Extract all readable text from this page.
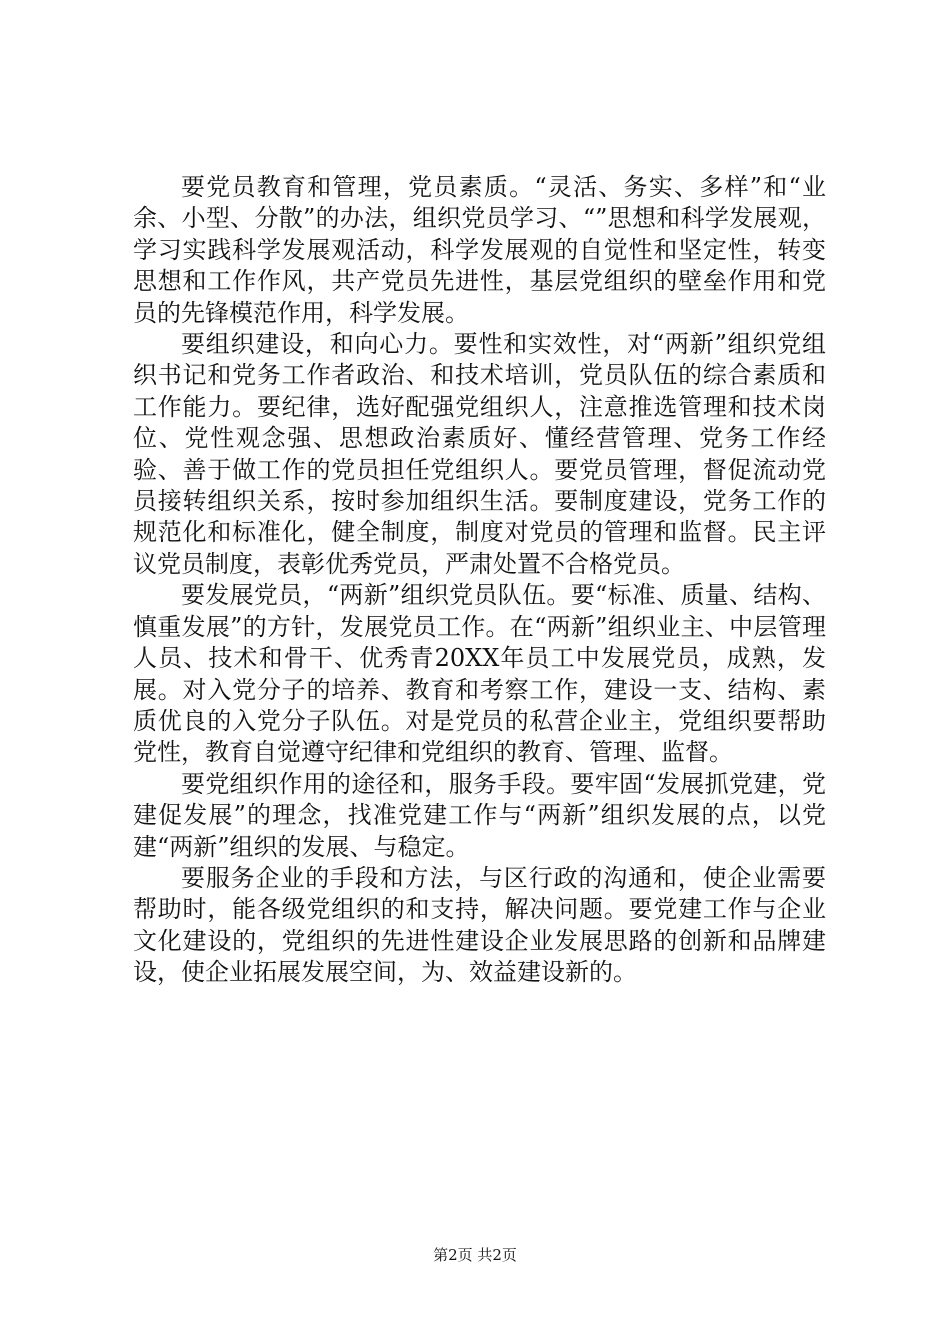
要党员教育和管理，党员素质。“灵活、务实、多样”和“业余、小型、分散”的办法，组织党员学习、“”思想和科学发展观，学习实践科学发展观活动，科学发展观的自觉性和坚定性，转变思想和工作作风，共产党员先进性，基层党组织的壁垒作用和党员的先锋模范作用，科学发展。

要组织建设，和向心力。要性和实效性，对“两新”组织党组织书记和党务工作者政治、和技术培训，党员队伍的综合素质和工作能力。要纪律，选好配强党组织人，注意推选管理和技术岗位、党性观念强、思想政治素质好、懂经营管理、党务工作经验、善于做工作的党员担任党组织人。要党员管理，督促流动党员接转组织关系，按时参加组织生活。要制度建设，党务工作的规范化和标准化，健全制度，制度对党员的管理和监督。民主评议党员制度，表彰优秀党员，严肃处置不合格党员。

要发展党员，“两新”组织党员队伍。要“标准、质量、结构、慎重发展”的方针，发展党员工作。在“两新”组织业主、中层管理人员、技术和骨干、优秀青20XX年员工中发展党员，成熟，发展。对入党分子的培养、教育和考察工作，建设一支、结构、素质优良的入党分子队伍。对是党员的私营企业主，党组织要帮助党性，教育自觉遵守纪律和党组织的教育、管理、监督。

要党组织作用的途径和，服务手段。要牢固“发展抓党建，党建促发展”的理念，找准党建工作与“两新”组织发展的点，以党建“两新”组织的发展、与稳定。

要服务企业的手段和方法，与区行政的沟通和，使企业需要帮助时，能各级党组织的和支持，解决问题。要党建工作与企业文化建设的，党组织的先进性建设企业发展思路的创新和品牌建设，使企业拓展发展空间，为、效益建设新的。

第2页 共2页
